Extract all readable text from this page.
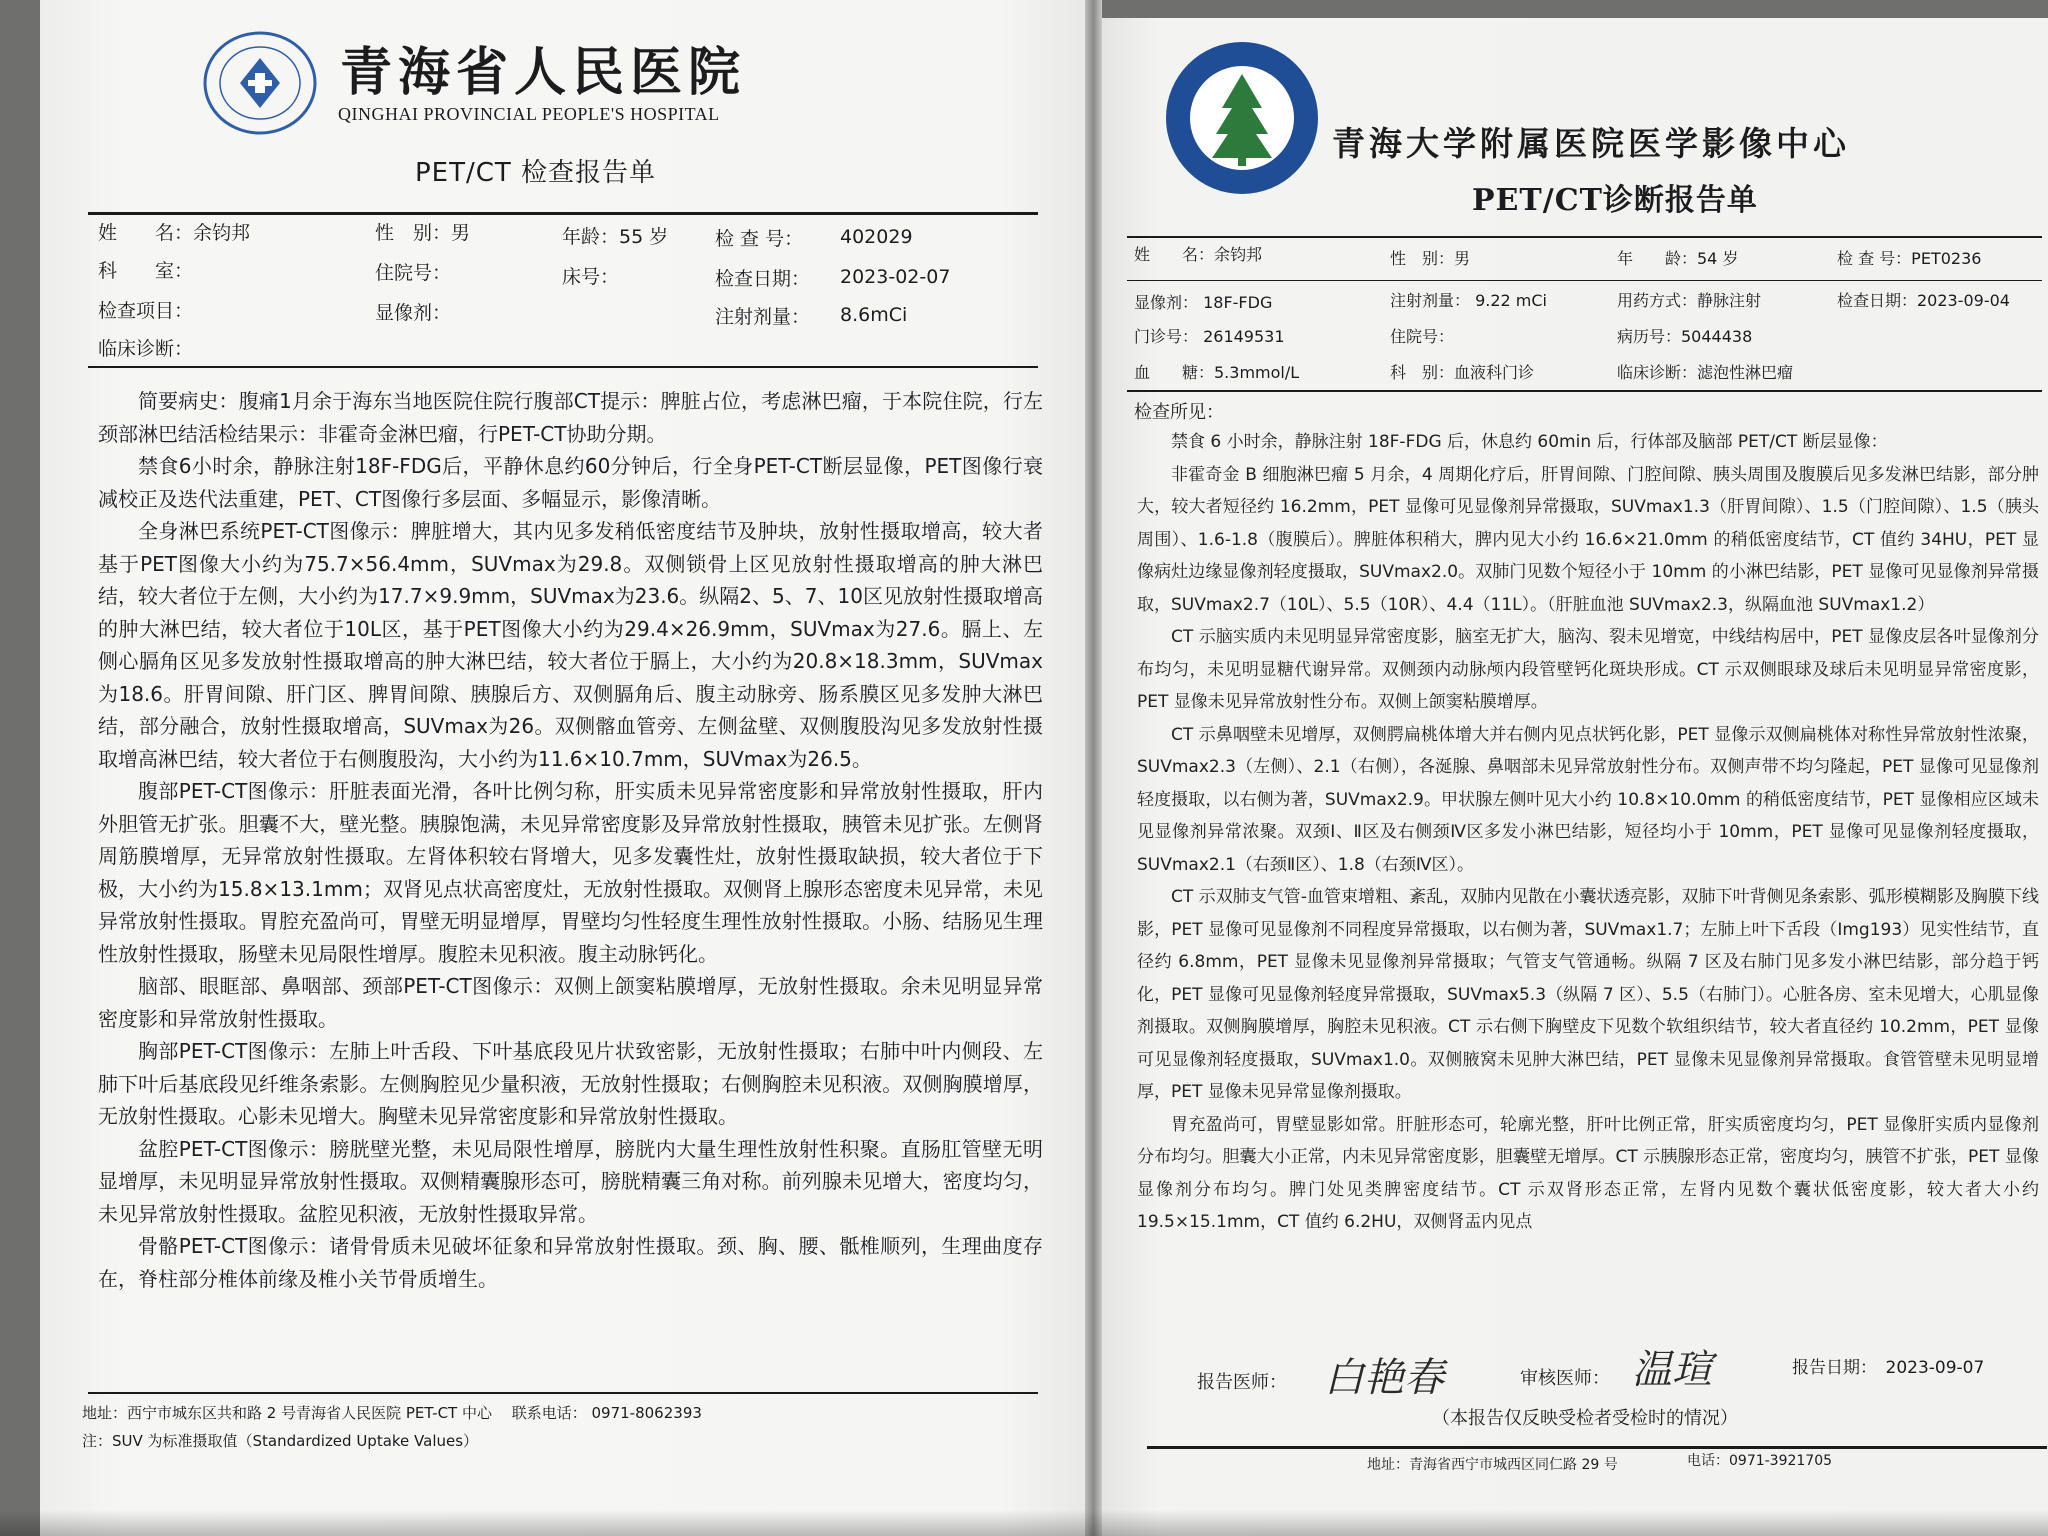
青海省人民医院
QINGHAI PROVINCIAL PEOPLE'S HOSPITAL
PET/CT 检查报告单
姓　　名：余钧邦	性　别：男	年龄：55 岁 检 查 号： 402029
科　　室：	住院号：	床号：	检查日期： 2023-02-07
检查项目：	显像剂：	注射剂量： 8.6mCi
临床诊断：

简要病史：腹痛1月余于海东当地医院住院行腹部CT提示：脾脏占位，考虑淋巴瘤，于本院住院，行左颈部淋巴结活检结果示：非霍奇金淋巴瘤，行PET-CT协助分期。

禁食6小时余，静脉注射18F-FDG后，平静休息约60分钟后，行全身PET-CT断层显像，PET图像行衰减校正及迭代法重建，PET、CT图像行多层面、多幅显示，影像清晰。

全身淋巴系统PET-CT图像示：脾脏增大，其内见多发稍低密度结节及肿块，放射性摄取增高，较大者基于PET图像大小约为75.7×56.4mm，SUVmax为29.8。双侧锁骨上区见放射性摄取增高的肿大淋巴结，较大者位于左侧，大小约为17.7×9.9mm，SUVmax为23.6。纵隔2、5、7、10区见放射性摄取增高的肿大淋巴结，较大者位于10L区，基于PET图像大小约为29.4×26.9mm，SUVmax为27.6。膈上、左侧心膈角区见多发放射性摄取增高的肿大淋巴结，较大者位于膈上，大小约为20.8×18.3mm，SUVmax为18.6。肝胃间隙、肝门区、脾胃间隙、胰腺后方、双侧膈角后、腹主动脉旁、肠系膜区见多发肿大淋巴结，部分融合，放射性摄取增高，SUVmax为26。双侧髂血管旁、左侧盆壁、双侧腹股沟见多发放射性摄取增高淋巴结，较大者位于右侧腹股沟，大小约为11.6×10.7mm，SUVmax为26.5。

腹部PET-CT图像示：肝脏表面光滑，各叶比例匀称，肝实质未见异常密度影和异常放射性摄取，肝内外胆管无扩张。胆囊不大，壁光整。胰腺饱满，未见异常密度影及异常放射性摄取，胰管未见扩张。左侧肾周筋膜增厚，无异常放射性摄取。左肾体积较右肾增大，见多发囊性灶，放射性摄取缺损，较大者位于下极，大小约为15.8×13.1mm；双肾见点状高密度灶，无放射性摄取。双侧肾上腺形态密度未见异常，未见异常放射性摄取。胃腔充盈尚可，胃壁无明显增厚，胃壁均匀性轻度生理性放射性摄取。小肠、结肠见生理性放射性摄取，肠壁未见局限性增厚。腹腔未见积液。腹主动脉钙化。

脑部、眼眶部、鼻咽部、颈部PET-CT图像示：双侧上颌窦粘膜增厚，无放射性摄取。余未见明显异常密度影和异常放射性摄取。

胸部PET-CT图像示：左肺上叶舌段、下叶基底段见片状致密影，无放射性摄取；右肺中叶内侧段、左肺下叶后基底段见纤维条索影。左侧胸腔见少量积液，无放射性摄取；右侧胸腔未见积液。双侧胸膜增厚，无放射性摄取。心影未见增大。胸壁未见异常密度影和异常放射性摄取。

盆腔PET-CT图像示：膀胱壁光整，未见局限性增厚，膀胱内大量生理性放射性积聚。直肠肛管壁无明显增厚，未见明显异常放射性摄取。双侧精囊腺形态可，膀胱精囊三角对称。前列腺未见增大，密度均匀，未见异常放射性摄取。盆腔见积液，无放射性摄取异常。

骨骼PET-CT图像示：诸骨骨质未见破坏征象和异常放射性摄取。颈、胸、腰、骶椎顺列，生理曲度存在，脊柱部分椎体前缘及椎小关节骨质增生。

地址：西宁市城东区共和路 2 号青海省人民医院 PET-CT 中心　 联系电话： 0971-8062393
注：SUV 为标准摄取值（Standardized Uptake Values）
1959
青海大学附属医院医学影像中心
PET/CT诊断报告单
姓　　名：余钧邦	性　别：男	年　　龄：54 岁	检 查 号：PET0236
显像剂： 18F-FDG	注射剂量： 9.22 mCi	用药方式：静脉注射	检查日期：2023-09-04
门诊号： 26149531	住院号：	病历号：5044438
血　　糖：5.3mmol/L	科　别：血液科门诊	临床诊断：滤泡性淋巴瘤
检查所见：

禁食 6 小时余，静脉注射 18F-FDG 后，休息约 60min 后，行体部及脑部 PET/CT 断层显像：

非霍奇金 B 细胞淋巴瘤 5 月余，4 周期化疗后，肝胃间隙、门腔间隙、胰头周围及腹膜后见多发淋巴结影，部分肿大，较大者短径约 16.2mm，PET 显像可见显像剂异常摄取，SUVmax1.3（肝胃间隙）、1.5（门腔间隙）、1.5（胰头周围）、1.6-1.8（腹膜后）。脾脏体积稍大，脾内见大小约 16.6×21.0mm 的稍低密度结节，CT 值约 34HU，PET 显像病灶边缘显像剂轻度摄取，SUVmax2.0。双肺门见数个短径小于 10mm 的小淋巴结影，PET 显像可见显像剂异常摄取，SUVmax2.7（10L）、5.5（10R）、4.4（11L）。（肝脏血池 SUVmax2.3，纵隔血池 SUVmax1.2）

CT 示脑实质内未见明显异常密度影，脑室无扩大，脑沟、裂未见增宽，中线结构居中，PET 显像皮层各叶显像剂分布均匀，未见明显糖代谢异常。双侧颈内动脉颅内段管壁钙化斑块形成。CT 示双侧眼球及球后未见明显异常密度影，PET 显像未见异常放射性分布。双侧上颌窦粘膜增厚。

CT 示鼻咽壁未见增厚，双侧腭扁桃体增大并右侧内见点状钙化影，PET 显像示双侧扁桃体对称性异常放射性浓聚，SUVmax2.3（左侧）、2.1（右侧），各涎腺、鼻咽部未见异常放射性分布。双侧声带不均匀隆起，PET 显像可见显像剂轻度摄取，以右侧为著，SUVmax2.9。甲状腺左侧叶见大小约 10.8×10.0mm 的稍低密度结节，PET 显像相应区域未见显像剂异常浓聚。双颈Ⅰ、Ⅱ区及右侧颈Ⅳ区多发小淋巴结影，短径均小于 10mm，PET 显像可见显像剂轻度摄取，SUVmax2.1（右颈Ⅱ区）、1.8（右颈Ⅳ区）。

CT 示双肺支气管-血管束增粗、紊乱，双肺内见散在小囊状透亮影，双肺下叶背侧见条索影、弧形模糊影及胸膜下线影，PET 显像可见显像剂不同程度异常摄取，以右侧为著，SUVmax1.7；左肺上叶下舌段（Img193）见实性结节，直径约 6.8mm，PET 显像未见显像剂异常摄取；气管支气管通畅。纵隔 7 区及右肺门见多发小淋巴结影，部分趋于钙化，PET 显像可见显像剂轻度异常摄取，SUVmax5.3（纵隔 7 区）、5.5（右肺门）。心脏各房、室未见增大，心肌显像剂摄取。双侧胸膜增厚，胸腔未见积液。CT 示右侧下胸壁皮下见数个软组织结节，较大者直径约 10.2mm，PET 显像可见显像剂轻度摄取，SUVmax1.0。双侧腋窝未见肿大淋巴结，PET 显像未见显像剂异常摄取。食管管壁未见明显增厚，PET 显像未见异常显像剂摄取。

胃充盈尚可，胃壁显影如常。肝脏形态可，轮廓光整，肝叶比例正常，肝实质密度均匀，PET 显像肝实质内显像剂分布均匀。胆囊大小正常，内未见异常密度影，胆囊壁无增厚。CT 示胰腺形态正常，密度均匀，胰管不扩张，PET 显像显像剂分布均匀。脾门处见类脾密度结节。CT 示双肾形态正常，左肾内见数个囊状低密度影，较大者大小约 19.5×15.1mm，CT 值约 6.2HU，双侧肾盂内见点

报告医师： 白艳春	审核医师： 温瑄	报告日期：　2023-09-07
（本报告仅反映受检者受检时的情况）
地址：青海省西宁市城西区同仁路 29 号	电话：0971-3921705
